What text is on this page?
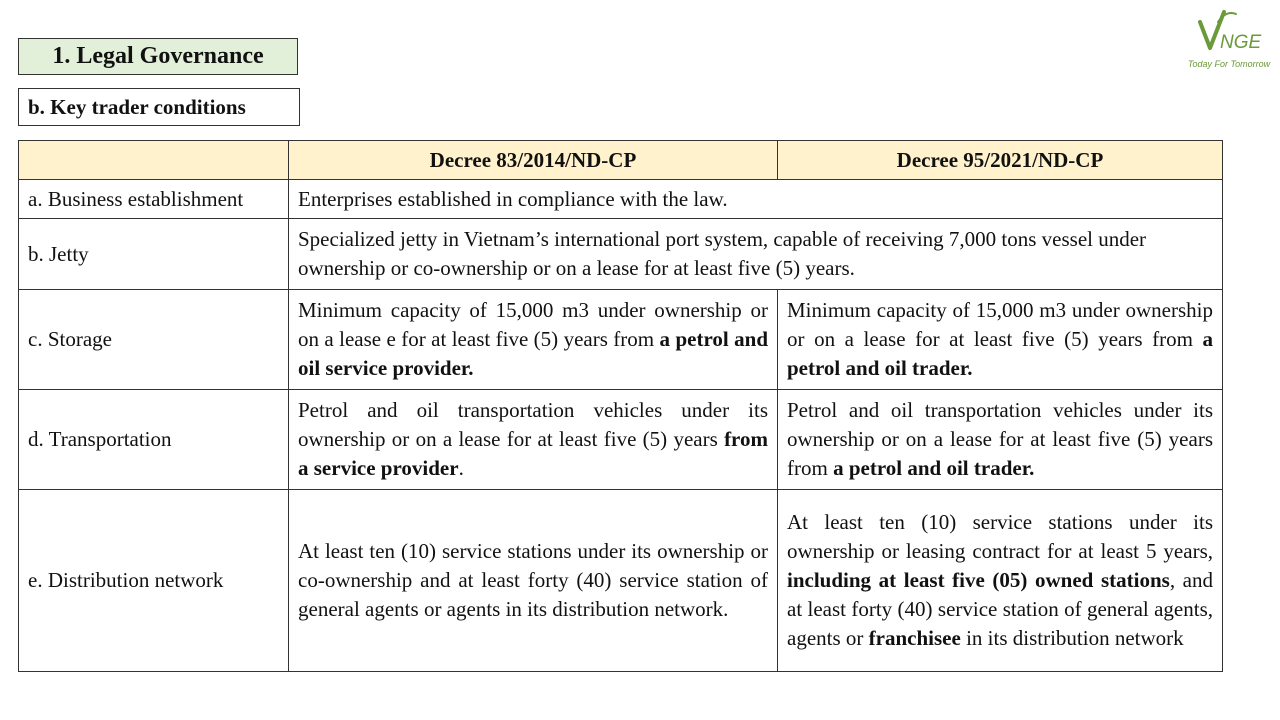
1. Legal Governance
b. Key trader conditions
NGE
Today For Tomorrow
	Decree 83/2014/ND-CP	Decree 95/2021/ND-CP
a. Business establishment	Enterprises established in compliance with the law.	
b. Jetty	Specialized jetty in Vietnam’s international port system, capable of receiving 7,000 tons vessel under ownership or co-ownership or on a lease for at least five (5) years.	
c. Storage	Minimum capacity of 15,000 m3 under ownership or on a lease e for at least five (5) years from a petrol and oil service provider.	Minimum capacity of 15,000 m3 under ownership or on a lease for at least five (5) years from a petrol and oil trader.
d. Transportation	Petrol and oil transportation vehicles under its ownership or on a lease for at least five (5) years from a service provider.	Petrol and oil transportation vehicles under its ownership or on a lease for at least five (5) years from a petrol and oil trader.
e. Distribution network	At least ten (10) service stations under its ownership or co-ownership and at least forty (40) service station of general agents or agents in its distribution network.	At least ten (10) service stations under its ownership or leasing contract for at least 5 years, including at least five (05) owned stations, and at least forty (40) service station of general agents, agents or franchisee in its distribution network
